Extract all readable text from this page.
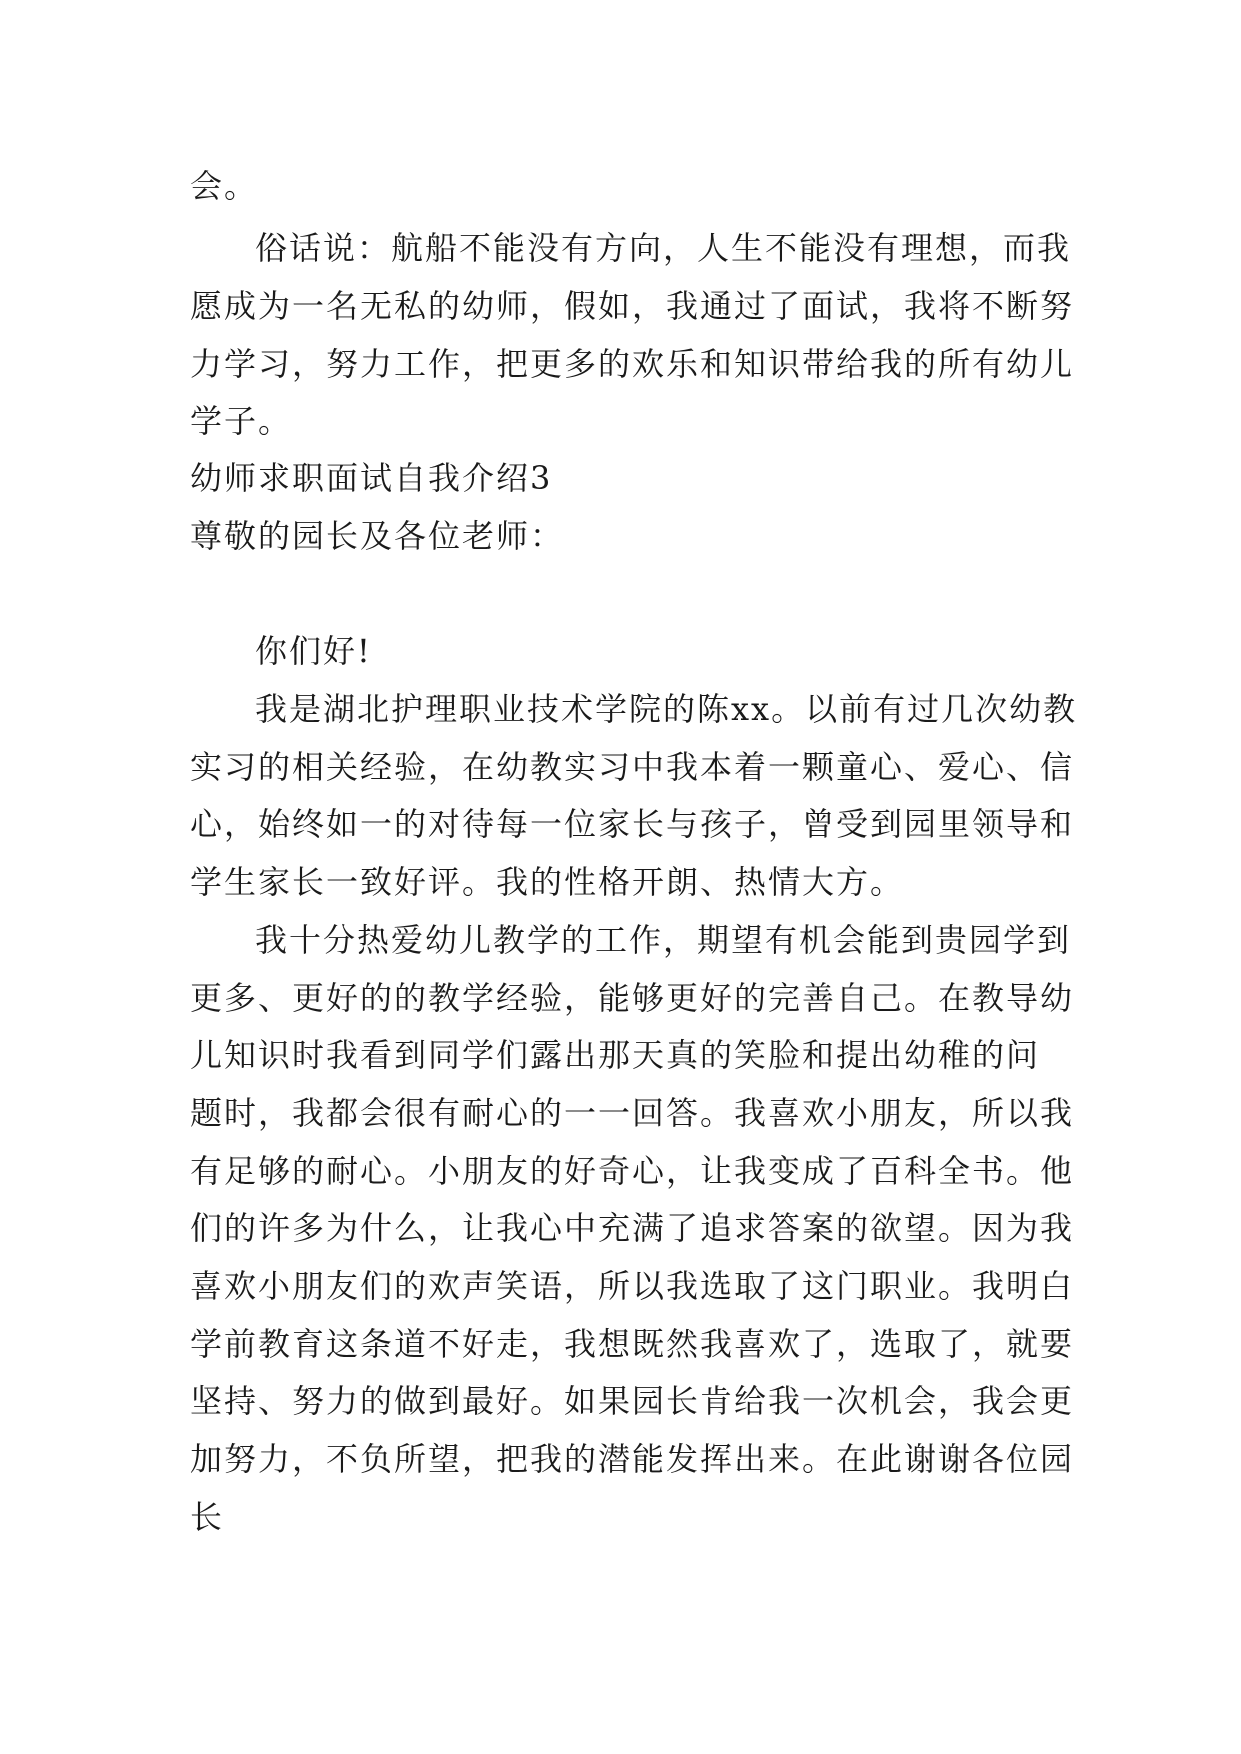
会。
俗话说：航船不能没有方向，人生不能没有理想，而我
愿成为一名无私的幼师，假如，我通过了面试，我将不断努
力学习，努力工作，把更多的欢乐和知识带给我的所有幼儿
学子。
幼师求职面试自我介绍3
尊敬的园长及各位老师：
你们好!
我是湖北护理职业技术学院的陈xx。以前有过几次幼教
实习的相关经验，在幼教实习中我本着一颗童心、爱心、信
心，始终如一的对待每一位家长与孩子，曾受到园里领导和
学生家长一致好评。我的性格开朗、热情大方。
我十分热爱幼儿教学的工作，期望有机会能到贵园学到
更多、更好的的教学经验，能够更好的完善自己。在教导幼
儿知识时我看到同学们露出那天真的笑脸和提出幼稚的问
题时，我都会很有耐心的一一回答。我喜欢小朋友，所以我
有足够的耐心。小朋友的好奇心，让我变成了百科全书。他
们的许多为什么，让我心中充满了追求答案的欲望。因为我
喜欢小朋友们的欢声笑语，所以我选取了这门职业。我明白
学前教育这条道不好走，我想既然我喜欢了，选取了，就要
坚持、努力的做到最好。如果园长肯给我一次机会，我会更
加努力，不负所望，把我的潜能发挥出来。在此谢谢各位园
长
